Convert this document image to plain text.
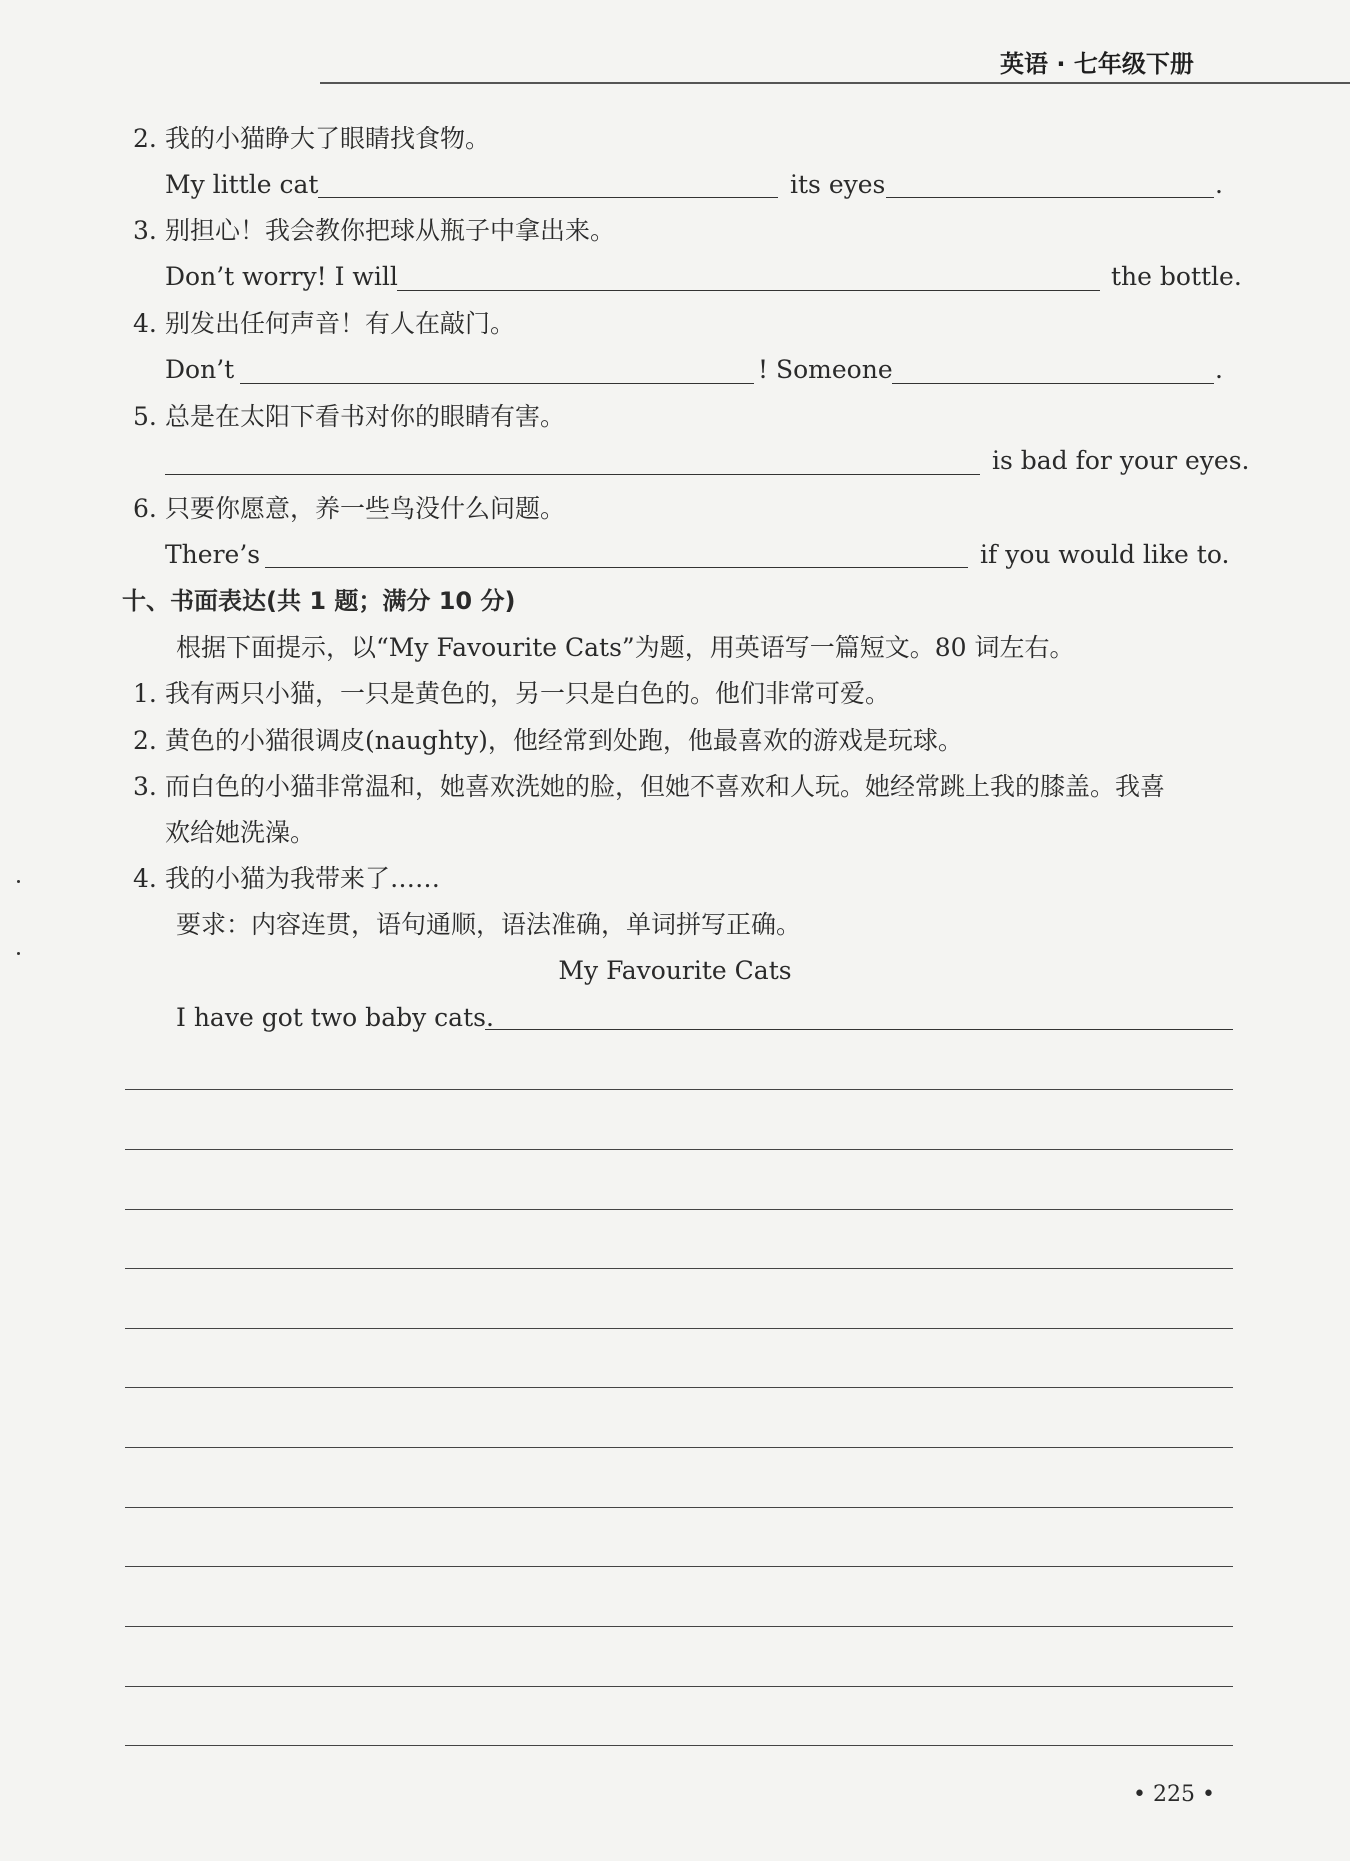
英语 · 七年级下册
2. 我的小猫睁大了眼睛找食物。
My little cat	its eyes	.
3. 别担心！我会教你把球从瓶子中拿出来。
Don’t worry! I will	the bottle.
4. 别发出任何声音！有人在敲门。
Don’t	! Someone	.
5. 总是在太阳下看书对你的眼睛有害。
is bad for your eyes.
6. 只要你愿意，养一些鸟没什么问题。
There’s	if you would like to.
十、书面表达(共 1 题；满分 10 分)
根据下面提示，以“My Favourite Cats”为题，用英语写一篇短文。80 词左右。
1. 我有两只小猫，一只是黄色的，另一只是白色的。他们非常可爱。
2. 黄色的小猫很调皮(naughty)，他经常到处跑，他最喜欢的游戏是玩球。
3. 而白色的小猫非常温和，她喜欢洗她的脸，但她不喜欢和人玩。她经常跳上我的膝盖。我喜
欢给她洗澡。
4. 我的小猫为我带来了……
要求：内容连贯，语句通顺，语法准确，单词拼写正确。
My Favourite Cats
I have got two baby cats.
• 225 •
